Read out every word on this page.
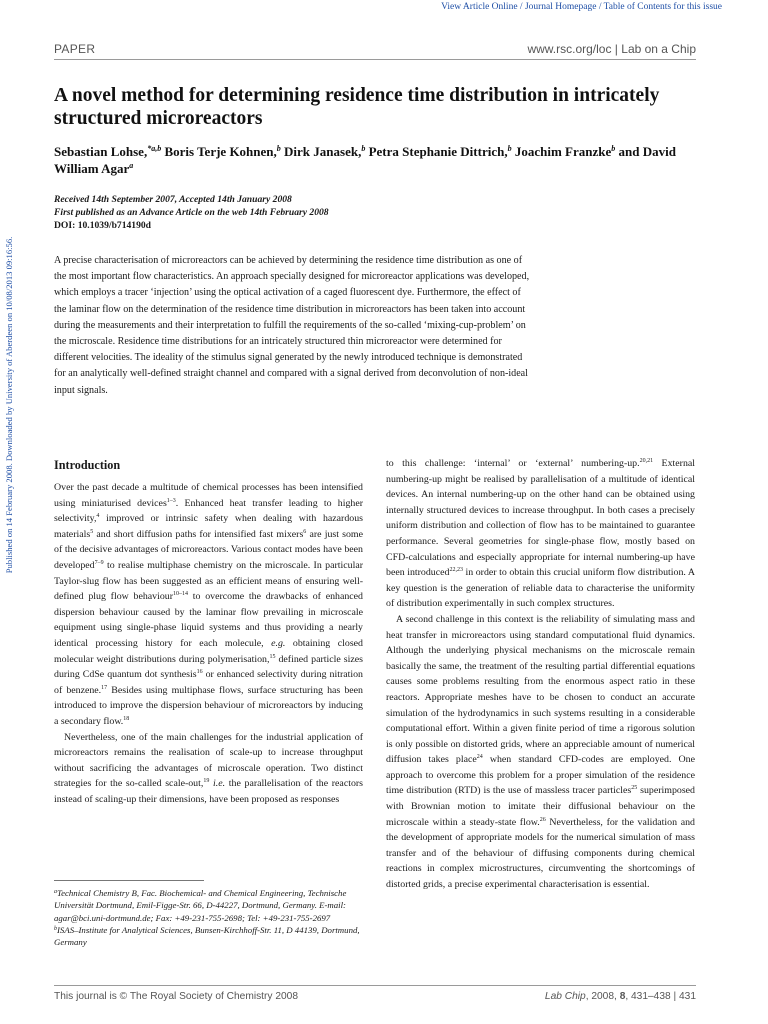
View Article Online / Journal Homepage / Table of Contents for this issue
PAPER	www.rsc.org/loc | Lab on a Chip
Published on 14 February 2008. Downloaded by University of Aberdeen on 10/08/2013 09:16:56.
A novel method for determining residence time distribution in intricately structured microreactors
Sebastian Lohse,$^{*a,b}$ Boris Terje Kohnen,$^b$ Dirk Janasek,$^b$ Petra Stephanie Dittrich,$^b$ Joachim Franzke$^b$ and David William Agar$^a$
Received 14th September 2007, Accepted 14th January 2008
First published as an Advance Article on the web 14th February 2008
DOI: 10.1039/b714190d

A precise characterisation of microreactors can be achieved by determining the residence time distribution as one of the most important flow characteristics. An approach specially designed for microreactor applications was developed, which employs a tracer ‘injection’ using the optical activation of a caged fluorescent dye. Furthermore, the effect of the laminar flow on the determination of the residence time distribution in microreactors has been taken into account during the measurements and their interpretation to fulfill the requirements of the so-called ‘mixing-cup-problem’ on the microscale. Residence time distributions for an intricately structured thin microreactor were determined for different velocities. The ideality of the stimulus signal generated by the newly introduced technique is demonstrated for an analytically well-defined straight channel and compared with a signal derived from deconvolution of non-ideal input signals.

Introduction

Over the past decade a multitude of chemical processes has been intensified using miniaturised devices$^{1-3}$. Enhanced heat transfer leading to higher selectivity,$^4$ improved or intrinsic safety when dealing with hazardous materials$^5$ and short diffusion paths for intensified fast mixers$^6$ are just some of the decisive advantages of microreactors. Various contact modes have been developed$^{7-9}$ to realise multiphase chemistry on the microscale. In particular Taylor-slug flow has been suggested as an efficient means of ensuring well-defined plug flow behaviour$^{10-14}$ to overcome the drawbacks of enhanced dispersion behaviour caused by the laminar flow prevailing in microscale equipment using single-phase liquid systems and thus providing a nearly identical processing history for each molecule, e.g. obtaining closed molecular weight distributions during polymerisation,$^{15}$ defined particle sizes during CdSe quantum dot synthesis$^{16}$ or enhanced selectivity during nitration of benzene.$^{17}$ Besides using multiphase flows, surface structuring has been introduced to improve the dispersion behaviour of microreactors by inducing a secondary flow.$^{18}$

Nevertheless, one of the main challenges for the industrial application of microreactors remains the realisation of scale-up to increase throughput without sacrificing the advantages of microscale operation. Two distinct strategies for the so-called scale-out,$^{19}$ i.e. the parallelisation of the reactors instead of scaling-up their dimensions, have been proposed as responses

to this challenge: ‘internal’ or ‘external’ numbering-up.$^{20,21}$ External numbering-up might be realised by parallelisation of a multitude of identical devices. An internal numbering-up on the other hand can be obtained using internally structured devices to increase throughput. In both cases a precisely uniform distribution and collection of flow has to be maintained to guarantee performance. Several geometries for single-phase flow, mostly based on CFD-calculations and especially appropriate for internal numbering-up have been introduced$^{22,23}$ in order to obtain this crucial uniform flow distribution. A key question is the generation of reliable data to characterise the uniformity of distribution experimentally in such complex structures.

A second challenge in this context is the reliability of simulating mass and heat transfer in microreactors using standard computational fluid dynamics. Although the underlying physical mechanisms on the microscale remain basically the same, the treatment of the resulting partial differential equations causes some problems resulting from the enormous aspect ratio in these reactors. Appropriate meshes have to be chosen to conduct an accurate simulation of the hydrodynamics in such systems resulting in a considerable computational effort. Within a given finite period of time a rigorous solution is only possible on distorted grids, where an appreciable amount of numerical diffusion takes place$^{24}$ when standard CFD-codes are employed. One approach to overcome this problem for a proper simulation of the residence time distribution (RTD) is the use of massless tracer particles$^{25}$ superimposed with Brownian motion to imitate their diffusional behaviour on the microscale within a steady-state flow.$^{26}$ Nevertheless, for the validation and the development of appropriate models for the numerical simulation of mass transfer and of the behaviour of diffusing components during chemical reactions in complex microstructures, circumventing the shortcomings of distorted grids, a precise experimental characterisation is essential.

$^a$Technical Chemistry B, Fac. Biochemical- and Chemical Engineering, Technische Universität Dortmund, Emil-Figge-Str. 66, D-44227, Dortmund, Germany. E-mail: agar@bci.uni-dortmund.de; Fax: +49-231-755-2698; Tel: +49-231-755-2697
$^b$ISAS–Institute for Analytical Sciences, Bunsen-Kirchhoff-Str. 11, D 44139, Dortmund, Germany
This journal is © The Royal Society of Chemistry 2008	Lab Chip, 2008, 8, 431–438 | 431
